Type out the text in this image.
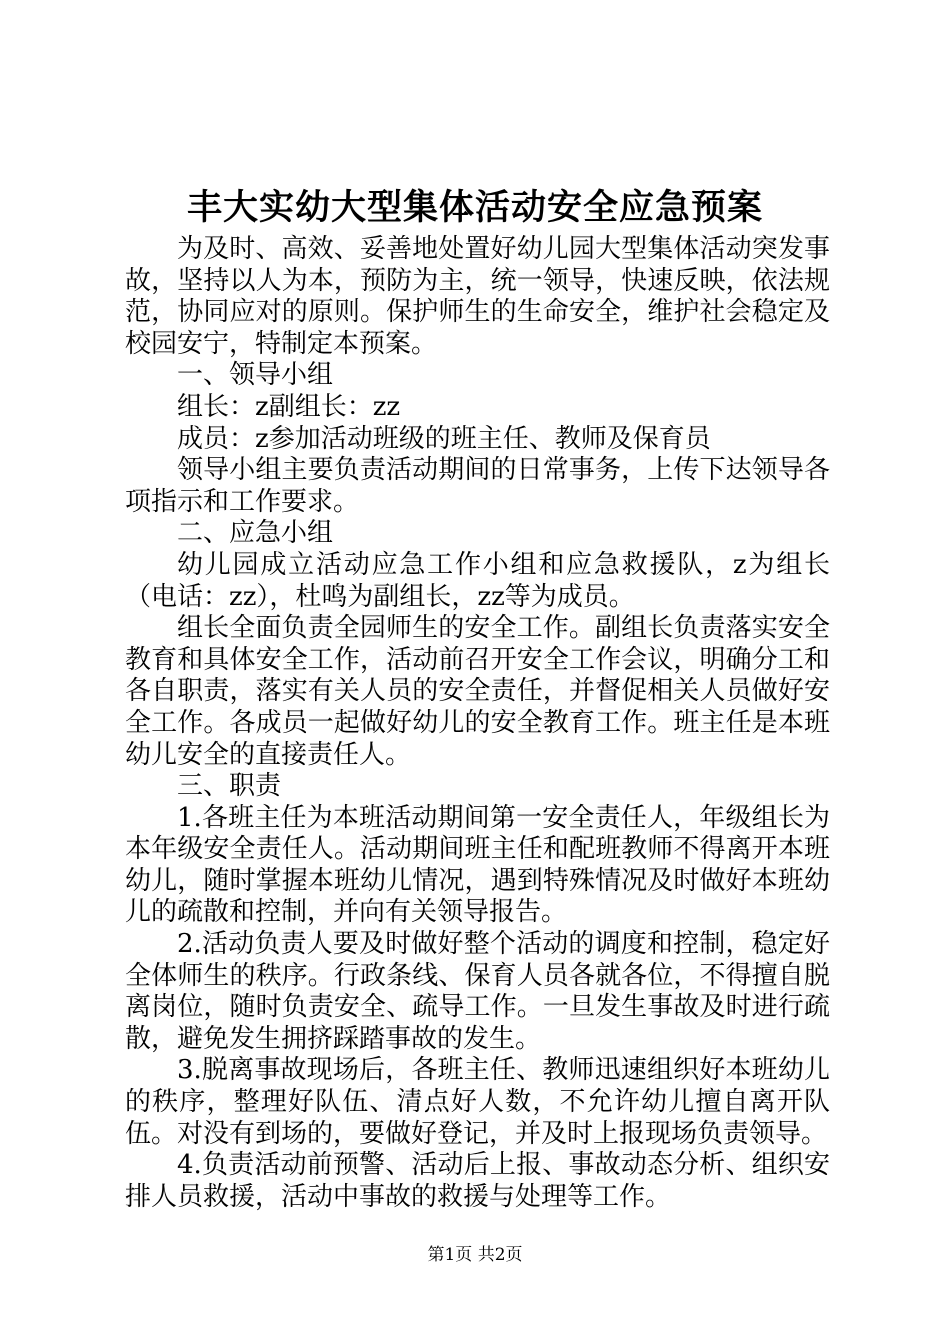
丰大实幼大型集体活动安全应急预案

为及时、高效、妥善地处置好幼儿园大型集体活动突发事故，坚持以人为本，预防为主，统一领导，快速反映，依法规范，协同应对的原则。保护师生的生命安全，维护社会稳定及校园安宁，特制定本预案。

一、领导小组

组长：z副组长：zz

成员：z参加活动班级的班主任、教师及保育员

领导小组主要负责活动期间的日常事务，上传下达领导各项指示和工作要求。

二、应急小组

幼儿园成立活动应急工作小组和应急救援队，z为组长（电话：zz），杜鸣为副组长，zz等为成员。

组长全面负责全园师生的安全工作。副组长负责落实安全教育和具体安全工作，活动前召开安全工作会议，明确分工和各自职责，落实有关人员的安全责任，并督促相关人员做好安全工作。各成员一起做好幼儿的安全教育工作。班主任是本班幼儿安全的直接责任人。

三、职责

1.各班主任为本班活动期间第一安全责任人，年级组长为本年级安全责任人。活动期间班主任和配班教师不得离开本班幼儿，随时掌握本班幼儿情况，遇到特殊情况及时做好本班幼儿的疏散和控制，并向有关领导报告。

2.活动负责人要及时做好整个活动的调度和控制，稳定好全体师生的秩序。行政条线、保育人员各就各位，不得擅自脱离岗位，随时负责安全、疏导工作。一旦发生事故及时进行疏散，避免发生拥挤踩踏事故的发生。

3.脱离事故现场后，各班主任、教师迅速组织好本班幼儿的秩序，整理好队伍、清点好人数，不允许幼儿擅自离开队伍。对没有到场的，要做好登记，并及时上报现场负责领导。

4.负责活动前预警、活动后上报、事故动态分析、组织安排人员救援，活动中事故的救援与处理等工作。

第1页 共2页
